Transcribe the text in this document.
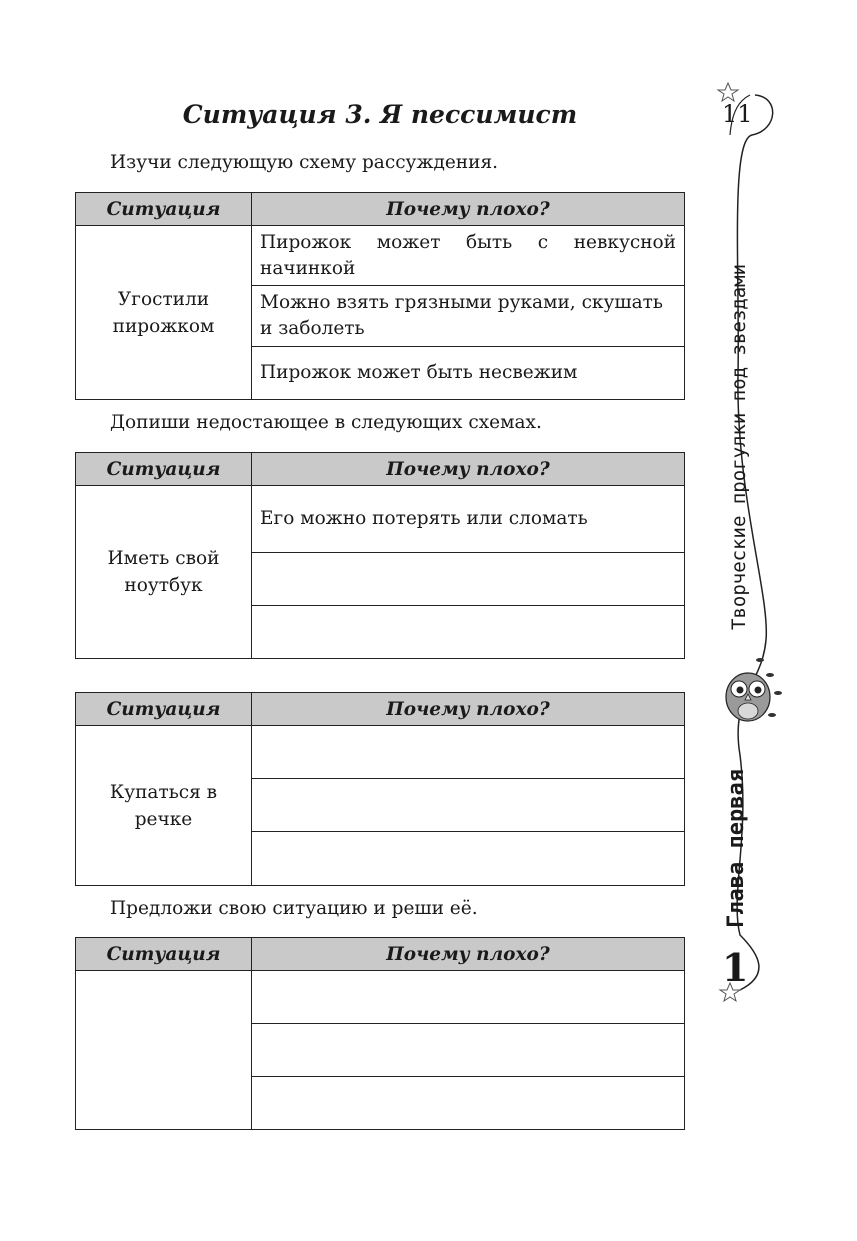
Ситуация 3. Я пессимист
Изучи следующую схему рассуждения.
Ситуация	Почему плохо?
Угостили пирожком	Пирожок может быть с невкусной начинкой
	Можно взять грязными руками, скушать и заболеть
	Пирожок может быть несвежим
Допиши недостающее в следующих схемах.
Ситуация	Почему плохо?
Иметь свой ноутбук	Его можно потерять или сломать

Ситуация	Почему плохо?
Купаться в речке	

Предложи свою ситуацию и реши её.
Ситуация	Почему плохо?

11
Творческие прогулки под звездами
Глава первая
1
